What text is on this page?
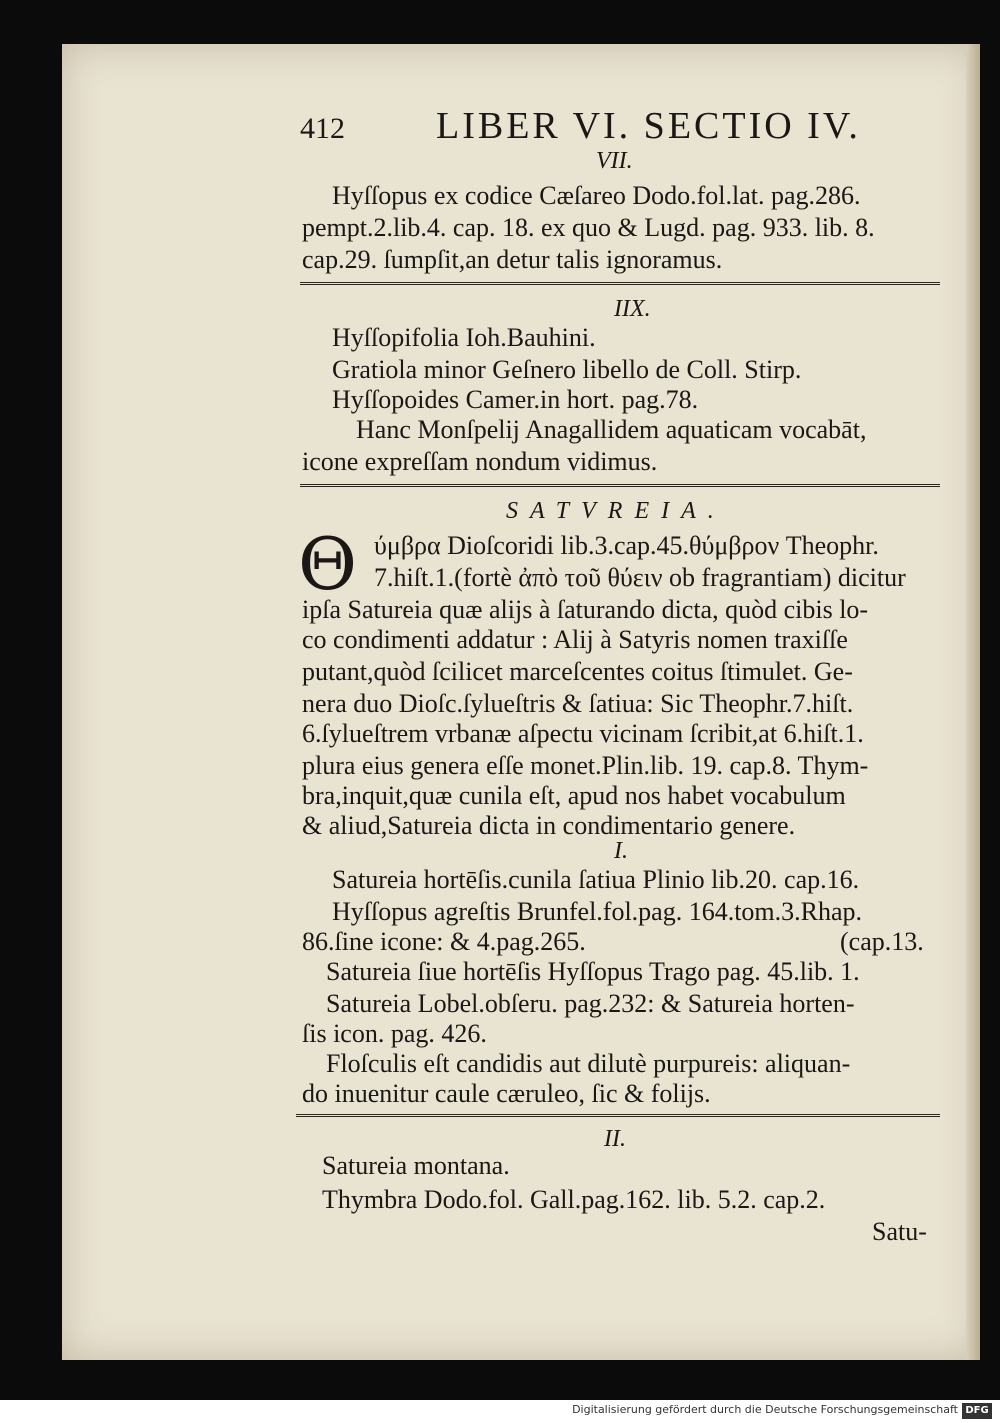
412 LIBER VI. SECTIO IV.
VII.
Hyſſopus ex codice Cæſareo Dodo.fol.lat. pag.286.
pempt.2.lib.4. cap. 18. ex quo & Lugd. pag. 933. lib. 8.
cap.29. ſumpſit,an detur talis ignoramus.
IIX.
Hyſſopifolia Ioh.Bauhini.
Gratiola minor Geſnero libello de Coll. Stirp.
Hyſſopoides Camer.in hort. pag.78.
Hanc Monſpelij Anagallidem aquaticam vocabāt,
icone expreſſam nondum vidimus.
SATVREIA.
Θ ύμβρα Dioſcoridi lib.3.cap.45.θύμβρον Theophr.
7.hiſt.1.(fortè ἀπὸ τοῦ θύειν ob fragrantiam) dicitur
ipſa Satureia quæ alijs à ſaturando dicta, quòd cibis lo-
co condimenti addatur : Alij à Satyris nomen traxiſſe
putant,quòd ſcilicet marceſcentes coitus ſtimulet. Ge-
nera duo Dioſc.ſylueſtris & ſatiua: Sic Theophr.7.hiſt.
6.ſylueſtrem vrbanæ aſpectu vicinam ſcribit,at 6.hiſt.1.
plura eius genera eſſe monet.Plin.lib. 19. cap.8. Thym-
bra,inquit,quæ cunila eſt, apud nos habet vocabulum
& aliud,Satureia dicta in condimentario genere.
I.
Satureia hortēſis.cunila ſatiua Plinio lib.20. cap.16.
Hyſſopus agreſtis Brunfel.fol.pag. 164.tom.3.Rhap.
86.ſine icone: & 4.pag.265.	(cap.13.
Satureia ſiue hortēſis Hyſſopus Trago pag. 45.lib. 1.
Satureia Lobel.obſeru. pag.232: & Satureia horten-
ſis icon. pag. 426.
Floſculis eſt candidis aut dilutè purpureis: aliquan-
do inuenitur caule cæruleo, ſic & folijs.
II.
Satureia montana.
Thymbra Dodo.fol. Gall.pag.162. lib. 5.2. cap.2.
Satu-
Digitalisierung gefördert durch die Deutsche Forschungsgemeinschaft DFG
